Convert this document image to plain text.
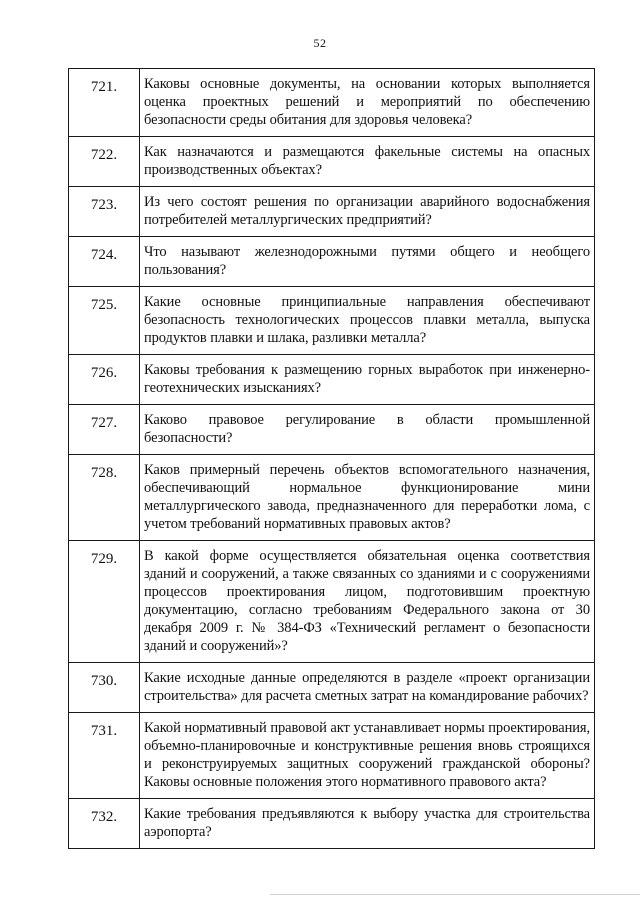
52
721.	Каковы основные документы, на основании которых выполняется оценка проектных решений и мероприятий по обеспечению безопасности среды обитания для здоровья человека?
722.	Как назначаются и размещаются факельные системы на опасных производственных объектах?
723.	Из чего состоят решения по организации аварийного водоснабжения потребителей металлургических предприятий?
724.	Что называют железнодорожными путями общего и необщего пользования?
725.	Какие основные принципиальные направления обеспечивают безопасность технологических процессов плавки металла, выпуска продуктов плавки и шлака, разливки металла?
726.	Каковы требования к размещению горных выработок при инженерно-геотехнических изысканиях?
727.	Каково правовое регулирование в области промышленной безопасности?
728.	Каков примерный перечень объектов вспомогательного назначения, обеспечивающий нормальное функционирование мини металлургического завода, предназначенного для переработки лома, с учетом требований нормативных правовых актов?
729.	В какой форме осуществляется обязательная оценка соответствия зданий и сооружений, а также связанных со зданиями и с сооружениями процессов проектирования лицом, подготовившим проектную документацию, согласно требованиям Федерального закона от 30 декабря 2009 г. № 384-ФЗ «Технический регламент о безопасности зданий и сооружений»?
730.	Какие исходные данные определяются в разделе «проект организации строительства» для расчета сметных затрат на командирование рабочих?
731.	Какой нормативный правовой акт устанавливает нормы проектирования, объемно-планировочные и конструктивные решения вновь строящихся и реконструируемых защитных сооружений гражданской обороны? Каковы основные положения этого нормативного правового акта?
732.	Какие требования предъявляются к выбору участка для строительства аэропорта?
